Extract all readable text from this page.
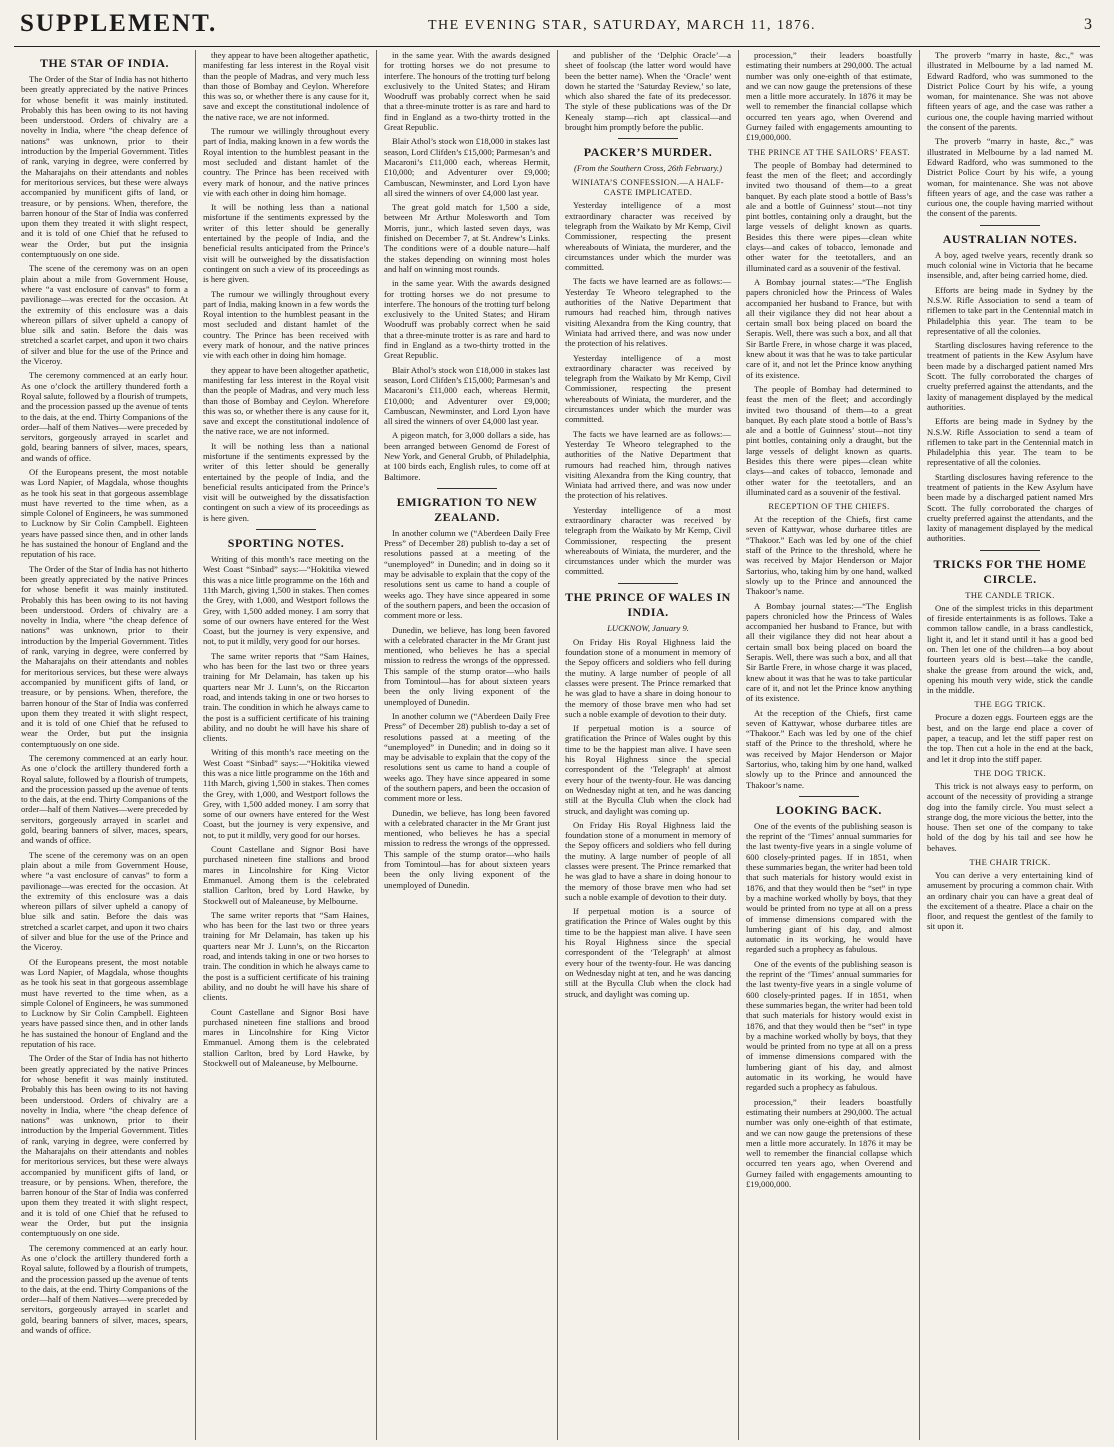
SUPPLEMENT.	THE EVENING STAR, SATURDAY, MARCH 11, 1876.	3
THE STAR OF INDIA.

The Order of the Star of India has not hitherto been greatly appreciated by the native Princes for whose benefit it was mainly instituted. Probably this has been owing to its not having been understood. Orders of chivalry are a novelty in India, where “the cheap defence of nations” was unknown, prior to their introduction by the Imperial Government. Titles of rank, varying in degree, were conferred by the Maharajahs on their attendants and nobles for meritorious services, but these were always accompanied by munificent gifts of land, or treasure, or by pensions. When, therefore, the barren honour of the Star of India was conferred upon them they treated it with slight respect, and it is told of one Chief that he refused to wear the Order, but put the insignia contemptuously on one side.

The scene of the ceremony was on an open plain about a mile from Government House, where “a vast enclosure of canvas” to form a pavilionage—was erected for the occasion. At the extremity of this enclosure was a dais whereon pillars of silver upheld a canopy of blue silk and satin. Before the dais was stretched a scarlet carpet, and upon it two chairs of silver and blue for the use of the Prince and the Viceroy.

The ceremony commenced at an early hour. As one o’clock the artillery thundered forth a Royal salute, followed by a flourish of trumpets, and the procession passed up the avenue of tents to the dais, at the end. Thirty Companions of the order—half of them Natives—were preceded by servitors, gorgeously arrayed in scarlet and gold, bearing banners of silver, maces, spears, and wands of office.

Of the Europeans present, the most notable was Lord Napier, of Magdala, whose thoughts as he took his seat in that gorgeous assemblage must have reverted to the time when, as a simple Colonel of Engineers, he was summoned to Lucknow by Sir Colin Campbell. Eighteen years have passed since then, and in other lands he has sustained the honour of England and the reputation of his race.

The Order of the Star of India has not hitherto been greatly appreciated by the native Princes for whose benefit it was mainly instituted. Probably this has been owing to its not having been understood. Orders of chivalry are a novelty in India, where “the cheap defence of nations” was unknown, prior to their introduction by the Imperial Government. Titles of rank, varying in degree, were conferred by the Maharajahs on their attendants and nobles for meritorious services, but these were always accompanied by munificent gifts of land, or treasure, or by pensions. When, therefore, the barren honour of the Star of India was conferred upon them they treated it with slight respect, and it is told of one Chief that he refused to wear the Order, but put the insignia contemptuously on one side.

The ceremony commenced at an early hour. As one o’clock the artillery thundered forth a Royal salute, followed by a flourish of trumpets, and the procession passed up the avenue of tents to the dais, at the end. Thirty Companions of the order—half of them Natives—were preceded by servitors, gorgeously arrayed in scarlet and gold, bearing banners of silver, maces, spears, and wands of office.

The scene of the ceremony was on an open plain about a mile from Government House, where “a vast enclosure of canvas” to form a pavilionage—was erected for the occasion. At the extremity of this enclosure was a dais whereon pillars of silver upheld a canopy of blue silk and satin. Before the dais was stretched a scarlet carpet, and upon it two chairs of silver and blue for the use of the Prince and the Viceroy.

Of the Europeans present, the most notable was Lord Napier, of Magdala, whose thoughts as he took his seat in that gorgeous assemblage must have reverted to the time when, as a simple Colonel of Engineers, he was summoned to Lucknow by Sir Colin Campbell. Eighteen years have passed since then, and in other lands he has sustained the honour of England and the reputation of his race.

The Order of the Star of India has not hitherto been greatly appreciated by the native Princes for whose benefit it was mainly instituted. Probably this has been owing to its not having been understood. Orders of chivalry are a novelty in India, where “the cheap defence of nations” was unknown, prior to their introduction by the Imperial Government. Titles of rank, varying in degree, were conferred by the Maharajahs on their attendants and nobles for meritorious services, but these were always accompanied by munificent gifts of land, or treasure, or by pensions. When, therefore, the barren honour of the Star of India was conferred upon them they treated it with slight respect, and it is told of one Chief that he refused to wear the Order, but put the insignia contemptuously on one side.

The ceremony commenced at an early hour. As one o’clock the artillery thundered forth a Royal salute, followed by a flourish of trumpets, and the procession passed up the avenue of tents to the dais, at the end. Thirty Companions of the order—half of them Natives—were preceded by servitors, gorgeously arrayed in scarlet and gold, bearing banners of silver, maces, spears, and wands of office.

they appear to have been altogether apathetic, manifesting far less interest in the Royal visit than the people of Madras, and very much less than those of Bombay and Ceylon. Wherefore this was so, or whether there is any cause for it, save and except the constitutional indolence of the native race, we are not informed.

The rumour we willingly throughout every part of India, making known in a few words the Royal intention to the humblest peasant in the most secluded and distant hamlet of the country. The Prince has been received with every mark of honour, and the native princes vie with each other in doing him homage.

It will be nothing less than a national misfortune if the sentiments expressed by the writer of this letter should be generally entertained by the people of India, and the beneficial results anticipated from the Prince’s visit will be outweighed by the dissatisfaction contingent on such a view of its proceedings as is here given.

The rumour we willingly throughout every part of India, making known in a few words the Royal intention to the humblest peasant in the most secluded and distant hamlet of the country. The Prince has been received with every mark of honour, and the native princes vie with each other in doing him homage.

they appear to have been altogether apathetic, manifesting far less interest in the Royal visit than the people of Madras, and very much less than those of Bombay and Ceylon. Wherefore this was so, or whether there is any cause for it, save and except the constitutional indolence of the native race, we are not informed.

It will be nothing less than a national misfortune if the sentiments expressed by the writer of this letter should be generally entertained by the people of India, and the beneficial results anticipated from the Prince’s visit will be outweighed by the dissatisfaction contingent on such a view of its proceedings as is here given.

SPORTING NOTES.

Writing of this month’s race meeting on the West Coast “Sinbad” says:—“Hokitika viewed this was a nice little programme on the 16th and 11th March, giving 1,500 in stakes. Then comes the Grey, with 1,000, and Westport follows the Grey, with 1,500 added money. I am sorry that some of our owners have entered for the West Coast, but the journey is very expensive, and not, to put it mildly, very good for our horses.

The same writer reports that “Sam Haines, who has been for the last two or three years training for Mr Delamain, has taken up his quarters near Mr J. Lunn’s, on the Riccarton road, and intends taking in one or two horses to train. The condition in which he always came to the post is a sufficient certificate of his training ability, and no doubt he will have his share of clients.

Writing of this month’s race meeting on the West Coast “Sinbad” says:—“Hokitika viewed this was a nice little programme on the 16th and 11th March, giving 1,500 in stakes. Then comes the Grey, with 1,000, and Westport follows the Grey, with 1,500 added money. I am sorry that some of our owners have entered for the West Coast, but the journey is very expensive, and not, to put it mildly, very good for our horses.

Count Castellane and Signor Bosi have purchased nineteen fine stallions and brood mares in Lincolnshire for King Victor Emmanuel. Among them is the celebrated stallion Carlton, bred by Lord Hawke, by Stockwell out of Maleaneuse, by Melbourne.

The same writer reports that “Sam Haines, who has been for the last two or three years training for Mr Delamain, has taken up his quarters near Mr J. Lunn’s, on the Riccarton road, and intends taking in one or two horses to train. The condition in which he always came to the post is a sufficient certificate of his training ability, and no doubt he will have his share of clients.

Count Castellane and Signor Bosi have purchased nineteen fine stallions and brood mares in Lincolnshire for King Victor Emmanuel. Among them is the celebrated stallion Carlton, bred by Lord Hawke, by Stockwell out of Maleaneuse, by Melbourne.

in the same year. With the awards designed for trotting horses we do not presume to interfere. The honours of the trotting turf belong exclusively to the United States; and Hiram Woodruff was probably correct when he said that a three-minute trotter is as rare and hard to find in England as a two-thirty trotted in the Great Republic.

Blair Athol’s stock won £18,000 in stakes last season, Lord Clifden’s £15,000; Parmesan’s and Macaroni’s £11,000 each, whereas Hermit, £10,000; and Adventurer over £9,000; Cambuscan, Newminster, and Lord Lyon have all sired the winners of over £4,000 last year.

The great gold match for 1,500 a side, between Mr Arthur Molesworth and Tom Morris, junr., which lasted seven days, was finished on December 7, at St. Andrew’s Links. The conditions were of a double nature—half the stakes depending on winning most holes and half on winning most rounds.

in the same year. With the awards designed for trotting horses we do not presume to interfere. The honours of the trotting turf belong exclusively to the United States; and Hiram Woodruff was probably correct when he said that a three-minute trotter is as rare and hard to find in England as a two-thirty trotted in the Great Republic.

Blair Athol’s stock won £18,000 in stakes last season, Lord Clifden’s £15,000; Parmesan’s and Macaroni’s £11,000 each, whereas Hermit, £10,000; and Adventurer over £9,000; Cambuscan, Newminster, and Lord Lyon have all sired the winners of over £4,000 last year.

A pigeon match, for 3,000 dollars a side, has been arranged between Genomd de Forest of New York, and General Grubb, of Philadelphia, at 100 birds each, English rules, to come off at Baltimore.

EMIGRATION TO NEW ZEALAND.

In another column we (“Aberdeen Daily Free Press” of December 28) publish to-day a set of resolutions passed at a meeting of the “unemployed” in Dunedin; and in doing so it may be advisable to explain that the copy of the resolutions sent us came to hand a couple of weeks ago. They have since appeared in some of the southern papers, and been the occasion of comment more or less.

Dunedin, we believe, has long been favored with a celebrated character in the Mr Grant just mentioned, who believes he has a special mission to redress the wrongs of the oppressed. This sample of the stump orator—who hails from Tomintoul—has for about sixteen years been the only living exponent of the unemployed of Dunedin.

In another column we (“Aberdeen Daily Free Press” of December 28) publish to-day a set of resolutions passed at a meeting of the “unemployed” in Dunedin; and in doing so it may be advisable to explain that the copy of the resolutions sent us came to hand a couple of weeks ago. They have since appeared in some of the southern papers, and been the occasion of comment more or less.

Dunedin, we believe, has long been favored with a celebrated character in the Mr Grant just mentioned, who believes he has a special mission to redress the wrongs of the oppressed. This sample of the stump orator—who hails from Tomintoul—has for about sixteen years been the only living exponent of the unemployed of Dunedin.

and publisher of the ‘Delphic Oracle’—a sheet of foolscap (the latter word would have been the better name). When the ‘Oracle’ went down he started the ‘Saturday Review,’ so late, which also shared the fate of its predecessor. The style of these publications was of the Dr Kenealy stamp—rich apt classical—and brought him promptly before the public.

PACKER’S MURDER.
(From the Southern Cross, 26th February.)
WINIATA’S CONFESSION.—A HALF-CASTE IMPLICATED.

Yesterday intelligence of a most extraordinary character was received by telegraph from the Waikato by Mr Kemp, Civil Commissioner, respecting the present whereabouts of Winiata, the murderer, and the circumstances under which the murder was committed.

The facts we have learned are as follows:—Yesterday Te Wheoro telegraphed to the authorities of the Native Department that rumours had reached him, through natives visiting Alexandra from the King country, that Winiata had arrived there, and was now under the protection of his relatives.

Yesterday intelligence of a most extraordinary character was received by telegraph from the Waikato by Mr Kemp, Civil Commissioner, respecting the present whereabouts of Winiata, the murderer, and the circumstances under which the murder was committed.

The facts we have learned are as follows:—Yesterday Te Wheoro telegraphed to the authorities of the Native Department that rumours had reached him, through natives visiting Alexandra from the King country, that Winiata had arrived there, and was now under the protection of his relatives.

Yesterday intelligence of a most extraordinary character was received by telegraph from the Waikato by Mr Kemp, Civil Commissioner, respecting the present whereabouts of Winiata, the murderer, and the circumstances under which the murder was committed.

THE PRINCE OF WALES IN INDIA.
LUCKNOW, January 9.

On Friday His Royal Highness laid the foundation stone of a monument in memory of the Sepoy officers and soldiers who fell during the mutiny. A large number of people of all classes were present. The Prince remarked that he was glad to have a share in doing honour to the memory of those brave men who had set such a noble example of devotion to their duty.

If perpetual motion is a source of gratification the Prince of Wales ought by this time to be the happiest man alive. I have seen his Royal Highness since the special correspondent of the ‘Telegraph’ at almost every hour of the twenty-four. He was dancing on Wednesday night at ten, and he was dancing still at the Byculla Club when the clock had struck, and daylight was coming up.

On Friday His Royal Highness laid the foundation stone of a monument in memory of the Sepoy officers and soldiers who fell during the mutiny. A large number of people of all classes were present. The Prince remarked that he was glad to have a share in doing honour to the memory of those brave men who had set such a noble example of devotion to their duty.

If perpetual motion is a source of gratification the Prince of Wales ought by this time to be the happiest man alive. I have seen his Royal Highness since the special correspondent of the ‘Telegraph’ at almost every hour of the twenty-four. He was dancing on Wednesday night at ten, and he was dancing still at the Byculla Club when the clock had struck, and daylight was coming up.

procession,” their leaders boastfully estimating their numbers at 290,000. The actual number was only one-eighth of that estimate, and we can now gauge the pretensions of these men a little more accurately. In 1876 it may be well to remember the financial collapse which occurred ten years ago, when Overend and Gurney failed with engagements amounting to £19,000,000.

THE PRINCE AT THE SAILORS’ FEAST.

The people of Bombay had determined to feast the men of the fleet; and accordingly invited two thousand of them—to a great banquet. By each plate stood a bottle of Bass’s ale and a bottle of Guinness’ stout—not tiny pint bottles, containing only a draught, but the large vessels of delight known as quarts. Besides this there were pipes—clean white clays—and cakes of tobacco, lemonade and other water for the teetotallers, and an illuminated card as a souvenir of the festival.

A Bombay journal states:—“The English papers chronicled how the Princess of Wales accompanied her husband to France, but with all their vigilance they did not hear about a certain small box being placed on board the Serapis. Well, there was such a box, and all that Sir Bartle Frere, in whose charge it was placed, knew about it was that he was to take particular care of it, and not let the Prince know anything of its existence.

The people of Bombay had determined to feast the men of the fleet; and accordingly invited two thousand of them—to a great banquet. By each plate stood a bottle of Bass’s ale and a bottle of Guinness’ stout—not tiny pint bottles, containing only a draught, but the large vessels of delight known as quarts. Besides this there were pipes—clean white clays—and cakes of tobacco, lemonade and other water for the teetotallers, and an illuminated card as a souvenir of the festival.

RECEPTION OF THE CHIEFS.

At the reception of the Chiefs, first came seven of Kattywar, whose durbaree titles are “Thakoor.” Each was led by one of the chief staff of the Prince to the threshold, where he was received by Major Henderson or Major Sartorius, who, taking him by one hand, walked slowly up to the Prince and announced the Thakoor’s name.

A Bombay journal states:—“The English papers chronicled how the Princess of Wales accompanied her husband to France, but with all their vigilance they did not hear about a certain small box being placed on board the Serapis. Well, there was such a box, and all that Sir Bartle Frere, in whose charge it was placed, knew about it was that he was to take particular care of it, and not let the Prince know anything of its existence.

At the reception of the Chiefs, first came seven of Kattywar, whose durbaree titles are “Thakoor.” Each was led by one of the chief staff of the Prince to the threshold, where he was received by Major Henderson or Major Sartorius, who, taking him by one hand, walked slowly up to the Prince and announced the Thakoor’s name.

LOOKING BACK.

One of the events of the publishing season is the reprint of the ‘Times’ annual summaries for the last twenty-five years in a single volume of 600 closely-printed pages. If in 1851, when these summaries began, the writer had been told that such materials for history would exist in 1876, and that they would then be “set” in type by a machine worked wholly by boys, that they would be printed from no type at all on a press of immense dimensions compared with the lumbering giant of his day, and almost automatic in its working, he would have regarded such a prophecy as fabulous.

One of the events of the publishing season is the reprint of the ‘Times’ annual summaries for the last twenty-five years in a single volume of 600 closely-printed pages. If in 1851, when these summaries began, the writer had been told that such materials for history would exist in 1876, and that they would then be “set” in type by a machine worked wholly by boys, that they would be printed from no type at all on a press of immense dimensions compared with the lumbering giant of his day, and almost automatic in its working, he would have regarded such a prophecy as fabulous.

procession,” their leaders boastfully estimating their numbers at 290,000. The actual number was only one-eighth of that estimate, and we can now gauge the pretensions of these men a little more accurately. In 1876 it may be well to remember the financial collapse which occurred ten years ago, when Overend and Gurney failed with engagements amounting to £19,000,000.

The proverb “marry in haste, &c.,” was illustrated in Melbourne by a lad named M. Edward Radford, who was summoned to the District Police Court by his wife, a young woman, for maintenance. She was not above fifteen years of age, and the case was rather a curious one, the couple having married without the consent of the parents.

The proverb “marry in haste, &c.,” was illustrated in Melbourne by a lad named M. Edward Radford, who was summoned to the District Police Court by his wife, a young woman, for maintenance. She was not above fifteen years of age, and the case was rather a curious one, the couple having married without the consent of the parents.

AUSTRALIAN NOTES.

A boy, aged twelve years, recently drank so much colonial wine in Victoria that he became insensible, and, after being carried home, died.

Efforts are being made in Sydney by the N.S.W. Rifle Association to send a team of riflemen to take part in the Centennial match in Philadelphia this year. The team to be representative of all the colonies.

Startling disclosures having reference to the treatment of patients in the Kew Asylum have been made by a discharged patient named Mrs Scott. The fully corroborated the charges of cruelty preferred against the attendants, and the laxity of management displayed by the medical authorities.

Efforts are being made in Sydney by the N.S.W. Rifle Association to send a team of riflemen to take part in the Centennial match in Philadelphia this year. The team to be representative of all the colonies.

Startling disclosures having reference to the treatment of patients in the Kew Asylum have been made by a discharged patient named Mrs Scott. The fully corroborated the charges of cruelty preferred against the attendants, and the laxity of management displayed by the medical authorities.

TRICKS FOR THE HOME CIRCLE.
THE CANDLE TRICK.

One of the simplest tricks in this department of fireside entertainments is as follows. Take a common tallow candle, in a brass candlestick, light it, and let it stand until it has a good bed on. Then let one of the children—a boy about fourteen years old is best—take the candle, shake the grease from around the wick, and, opening his mouth very wide, stick the candle in the middle.

THE EGG TRICK.

Procure a dozen eggs. Fourteen eggs are the best, and on the large end place a cover of paper, a teacup, and let the stiff paper rest on the top. Then cut a hole in the end at the back, and let it drop into the stiff paper.

THE DOG TRICK.

This trick is not always easy to perform, on account of the necessity of providing a strange dog into the family circle. You must select a strange dog, the more vicious the better, into the house. Then set one of the company to take hold of the dog by his tail and see how he behaves.

THE CHAIR TRICK.

You can derive a very entertaining kind of amusement by procuring a common chair. With an ordinary chair you can have a great deal of the excitement of a theatre. Place a chair on the floor, and request the gentlest of the family to sit upon it.
